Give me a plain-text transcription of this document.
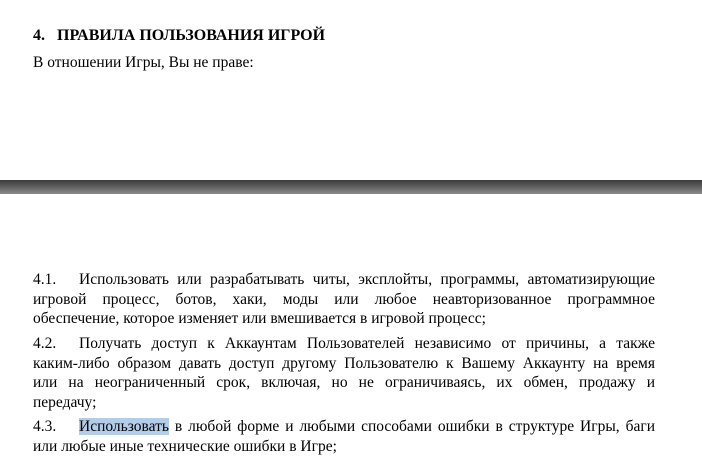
4. ПРАВИЛА ПОЛЬЗОВАНИЯ ИГРОЙ
В отношении Игры, Вы не праве:
4.1. Использовать или разрабатывать читы, эксплойты, программы, автоматизирующие
игровой процесс, ботов, хаки, моды или любое неавторизованное программное
обеспечение, которое изменяет или вмешивается в игровой процесс;
4.2. Получать доступ к Аккаунтам Пользователей независимо от причины, а также
каким-либо образом давать доступ другому Пользователю к Вашему Аккаунту на время
или на неограниченный срок, включая, но не ограничиваясь, их обмен, продажу и
передачу;
4.3. Использовать в любой форме и любыми способами ошибки в структуре Игры, баги
или любые иные технические ошибки в Игре;
